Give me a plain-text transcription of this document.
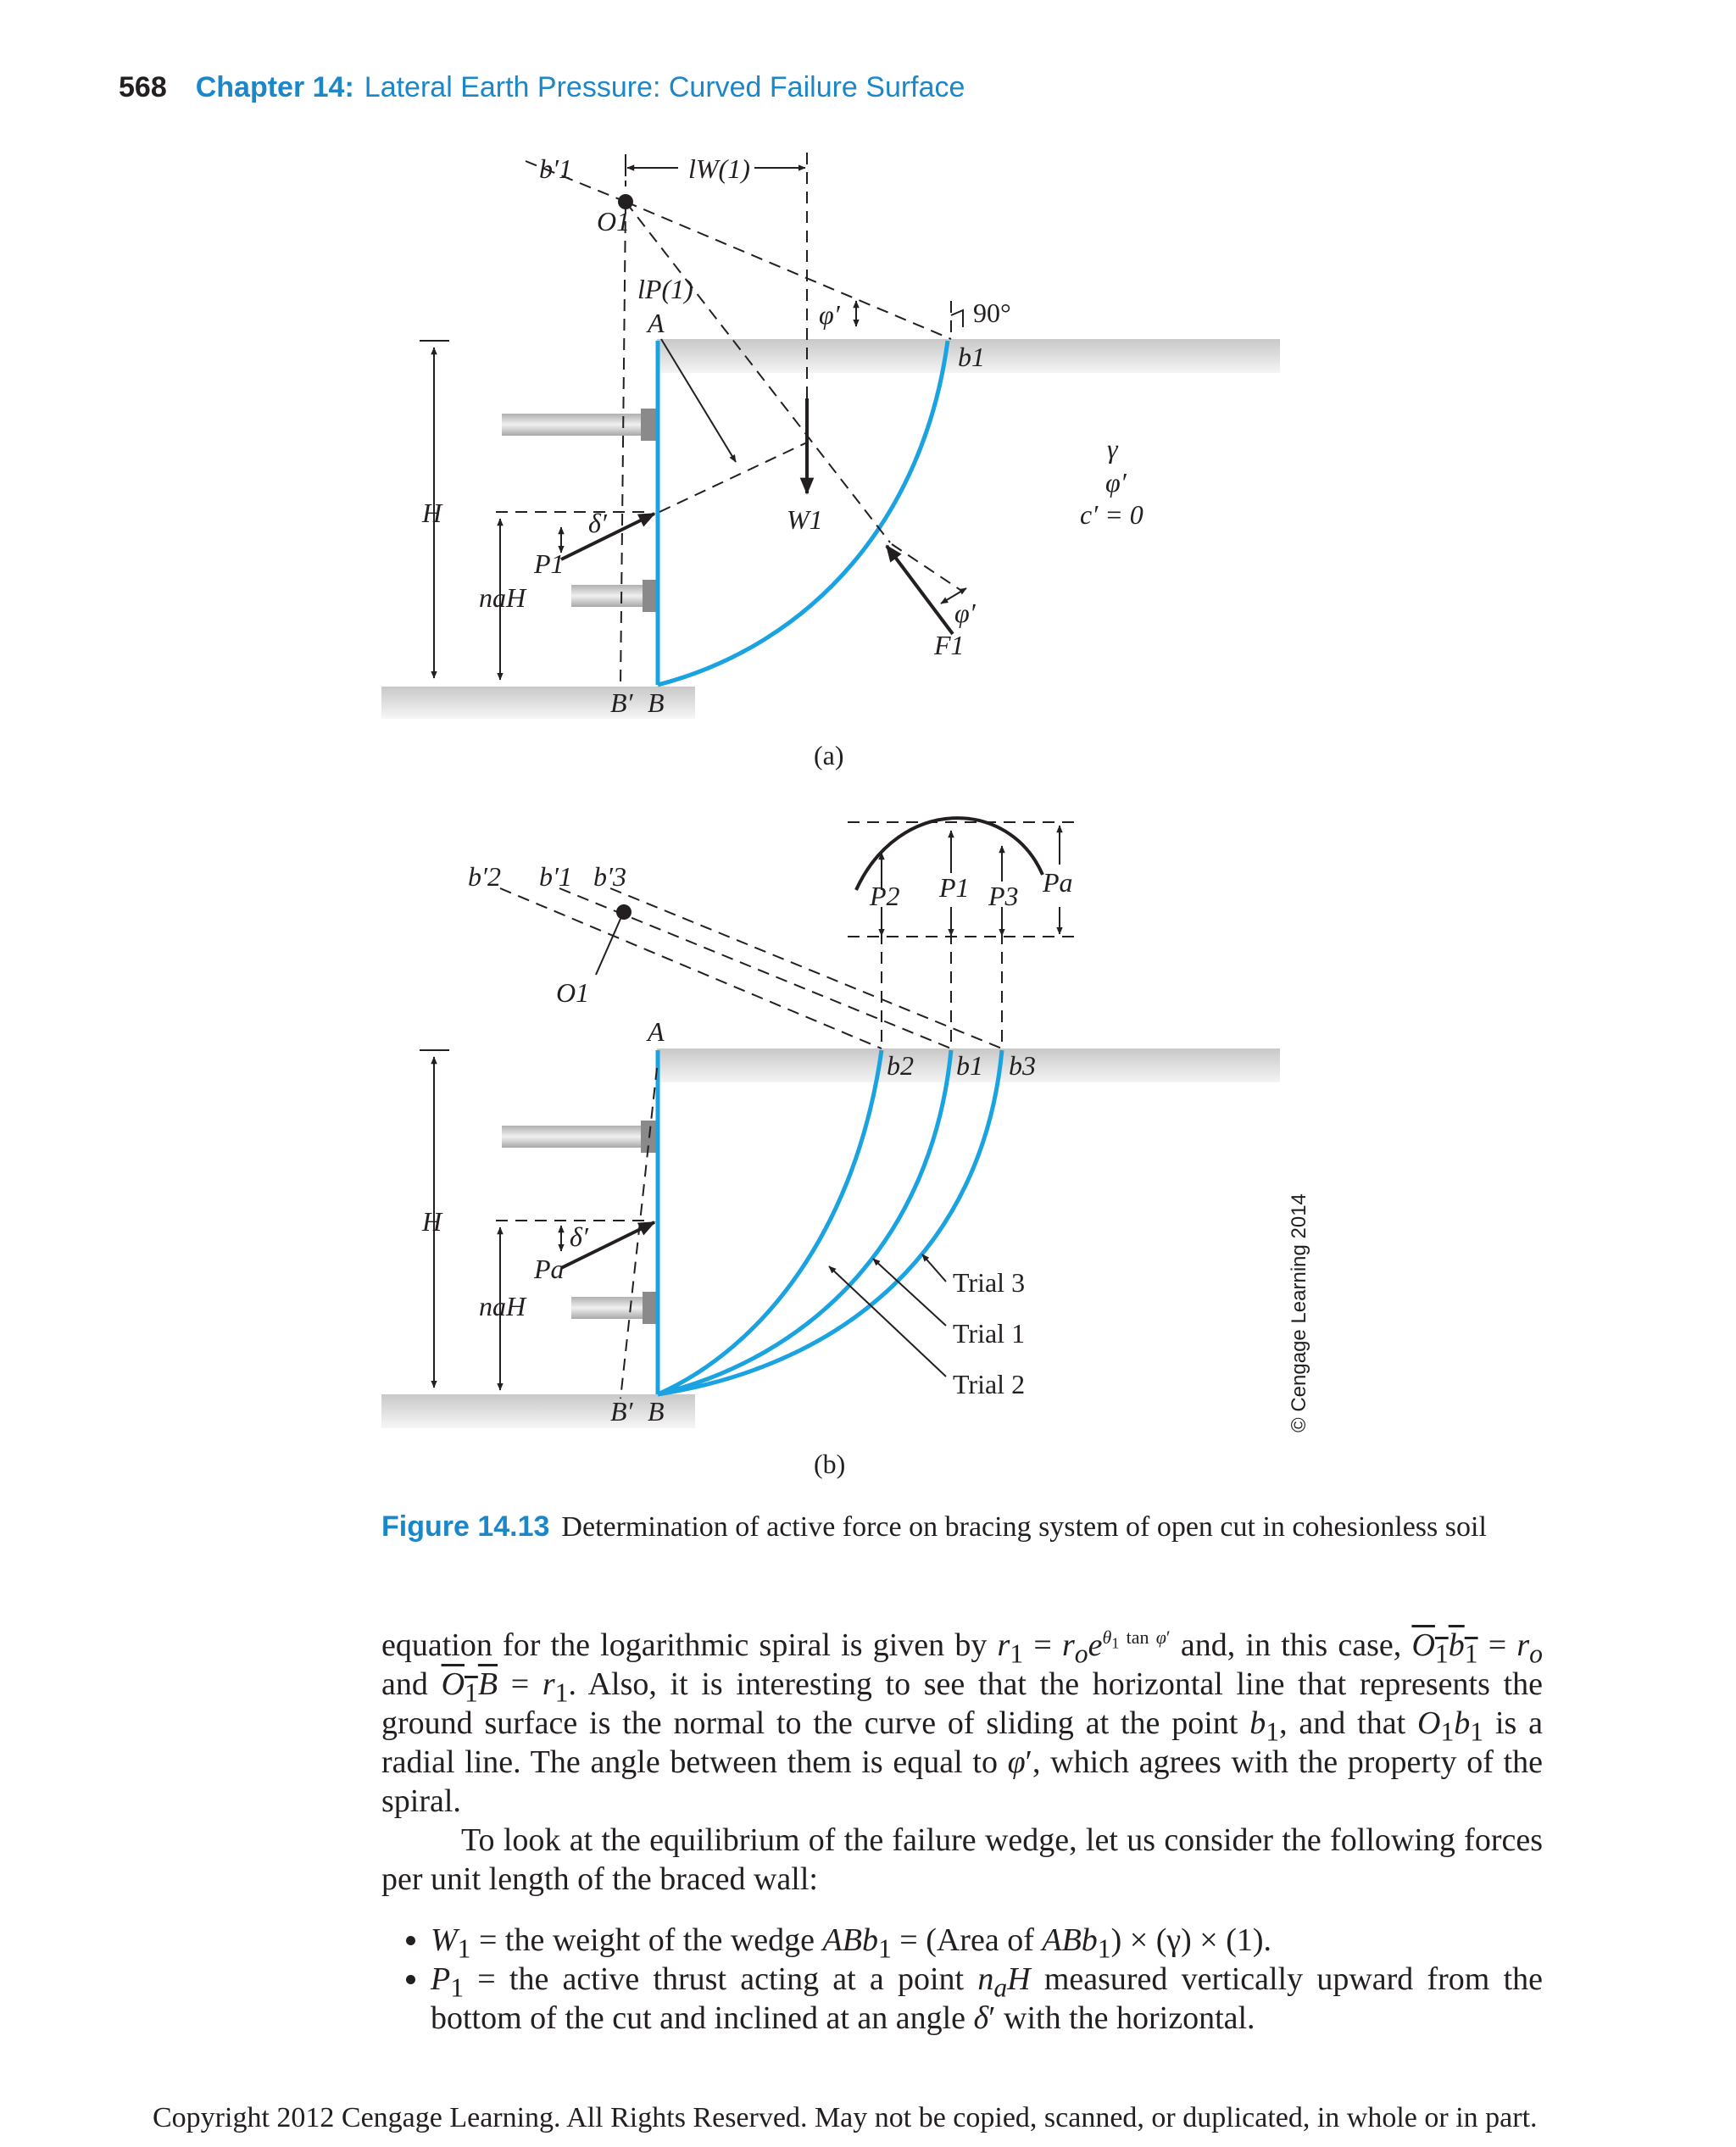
568 Chapter 14: Lateral Earth Pressure: Curved Failure Surface
b′1	lW(1)
O1
lP(1)
A	φ′	90°
b1
γ
φ′
c′ = 0
H	δ′
P1
W1
naH	φ′
F1
B′ B
(a)
b′2 b′1 b′3
O1
A
P2 P1 P3 Pa
b2 b1 b3
H	δ′
Pa
naH
Trial 3
Trial 1
Trial 2
B′ B
(b)
© Cengage Learning 2014
Figure 14.13 Determination of active force on bracing system of open cut in cohesionless soil

equation for the logarithmic spiral is given by $r_1 = r_oe^{\theta_1 tan \varphi'}$ and, in this case, $O_1b_1 = r_o$ and $O_1B = r_1$. Also, it is interesting to see that the horizontal line that represents the ground surface is the normal to the curve of sliding at the point $b_1$, and that $O_1b_1$ is a radial line. The angle between them is equal to φ′, which agrees with the property of the spiral.

To look at the equilibrium of the failure wedge, let us consider the following forces per unit length of the braced wall:

• $W_1$ = the weight of the wedge ABb$_1$ = (Area of ABb$_1$) × (γ) × (1).
• $P_1$ = the active thrust acting at a point $n_aH$ measured vertically upward from the bottom of the cut and inclined at an angle δ′ with the horizontal.
Copyright 2012 Cengage Learning. All Rights Reserved. May not be copied, scanned, or duplicated, in whole or in part.
